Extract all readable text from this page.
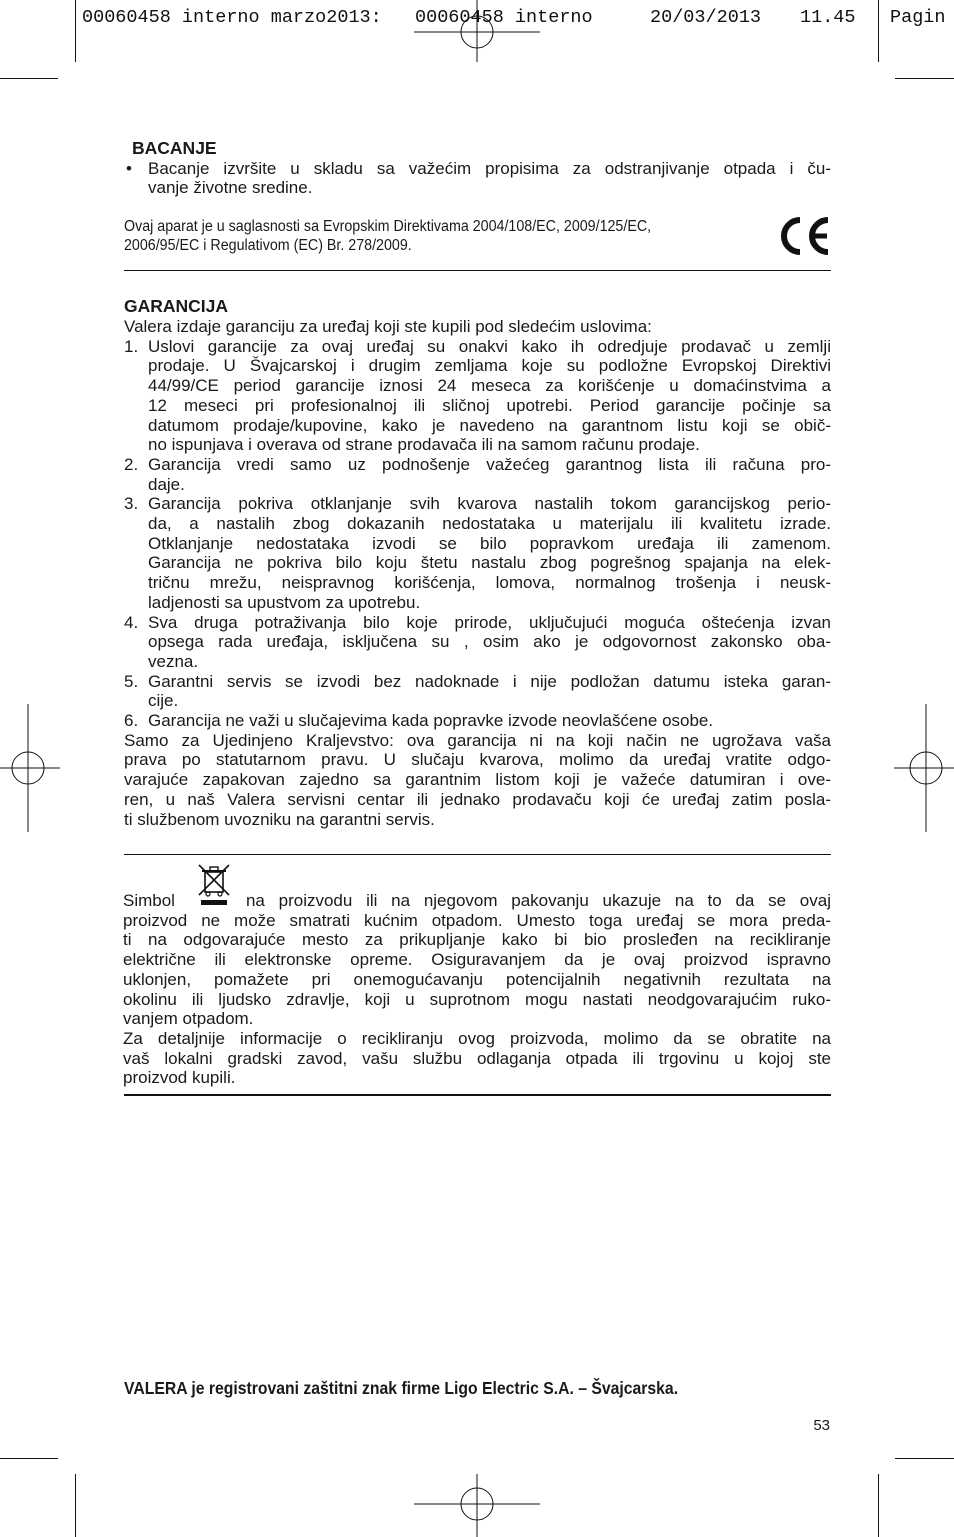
00060458 interno marzo2013:

00060458 interno

	20/03/2013

11.45

Pagin

BACANJE
• Bacanje izvršite u skladu sa važećim propisima za odstranjivanje otpada i ču-
vanje životne sredine.
Ovaj aparat je u saglasnosti sa Evropskim Direktivama 2004/108/EC, 2009/125/EC,
2006/95/EC i Regulativom (EC) Br. 278/2009.
GARANCIJA
Valera izdaje garanciju za uređaj koji ste kupili pod sledećim uslovima:
1. Uslovi garancije za ovaj uređaj su onakvi kako ih odredjuje prodavač u zemlji
prodaje. U Švajcarskoj i drugim zemljama koje su podložne Evropskoj Direktivi
44/99/CE period garancije iznosi 24 meseca za korišćenje u domaćinstvima a
12 meseci pri profesionalnoj ili sličnoj upotrebi. Period garancije počinje sa
datumom prodaje/kupovine, kako je navedeno na garantnom listu koji se obič-
no ispunjava i overava od strane prodavača ili na samom računu prodaje.
2. Garancija vredi samo uz podnošenje važećeg garantnog lista ili računa pro-
daje.
3. Garancija pokriva otklanjanje svih kvarova nastalih tokom garancijskog perio-
da, a nastalih zbog dokazanih nedostataka u materijalu ili kvalitetu izrade.
Otklanjanje nedostataka izvodi se bilo popravkom uređaja ili zamenom.
Garancija ne pokriva bilo koju štetu nastalu zbog pogrešnog spajanja na elek-
tričnu mrežu, neispravnog korišćenja, lomova, normalnog trošenja i neusk-
ladjenosti sa upustvom za upotrebu.
4. Sva druga potraživanja bilo koje prirode, uključujući moguća oštećenja izvan
opsega rada uređaja, isključena su , osim ako je odgovornost zakonsko oba-
vezna.
5. Garantni servis se izvodi bez nadoknade i nije podložan datumu isteka garan-
cije.
6. Garancija ne važi u slučajevima kada popravke izvode neovlašćene osobe.
Samo za Ujedinjeno Kraljevstvo: ova garancija ni na koji način ne ugrožava vaša
prava po statutarnom pravu. U slučaju kvarova, molimo da uređaj vratite odgo-
varajuće zapakovan zajedno sa garantnim listom koji je važeće datumiran i ove-
ren, u naš Valera servisni centar ili jednako prodavaču koji će uređaj zatim posla-
ti službenom uvozniku na garantni servis.
Simbol	na proizvodu ili na njegovom pakovanju ukazuje na to da se ovaj
proizvod ne može smatrati kućnim otpadom. Umesto toga uređaj se mora preda-
ti na odgovarajuće mesto za prikupljanje kako bi bio prosleđen na recikliranje
električne ili elektronske opreme. Osiguravanjem da je ovaj proizvod ispravno
uklonjen, pomažete pri onemogućavanju potencijalnih negativnih rezultata na
okolinu ili ljudsko zdravlje, koji u suprotnom mogu nastati neodgovarajućim ruko-
vanjem otpadom.
Za detaljnije informacije o recikliranju ovog proizvoda, molimo da se obratite na
vaš lokalni gradski zavod, vašu službu odlaganja otpada ili trgovinu u kojoj ste
proizvod kupili.
VALERA je registrovani zaštitni znak firme Ligo Electric S.A. – Švajcarska.
53
